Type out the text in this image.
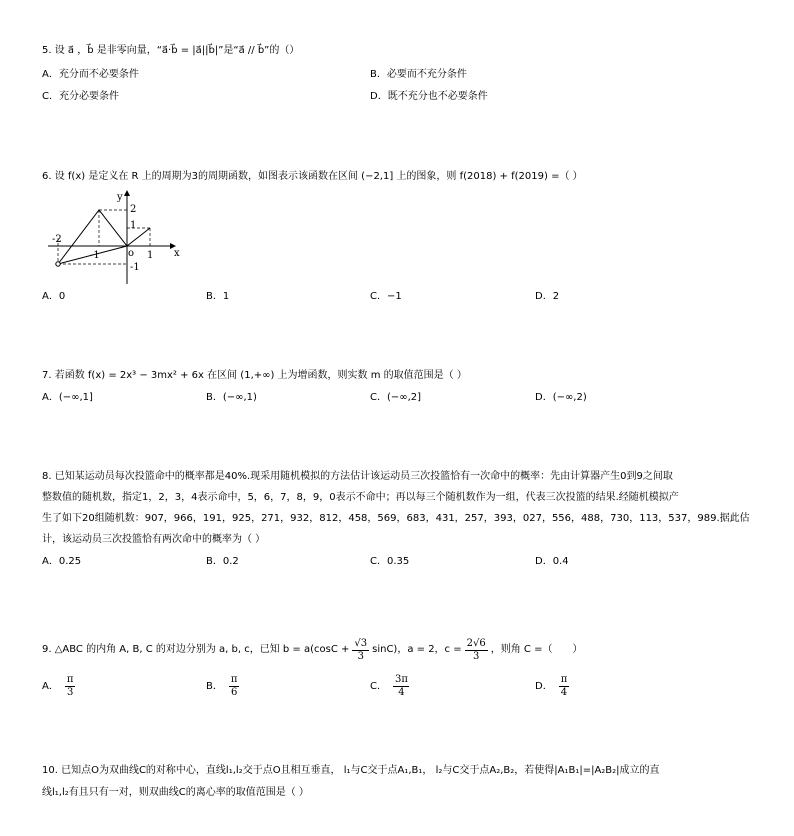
5. 设 a⃗ ，b⃗ 是非零向量，“a⃗·b⃗ = |a⃗||b⃗|”是“a⃗ // b⃗”的（）
A．充分而不必要条件	B．必要而不充分条件
C．充分必要条件	D．既不充分也不必要条件
6. 设 f(x) 是定义在 R 上的周期为3的周期函数，如图表示该函数在区间 (−2,1] 上的图象，则 f(2018) + f(2019) =（ ）
y
x
o
2
1
-2
-1	1
-1
A．0	B．1	C．−1	D．2
7. 若函数 f(x) = 2x³ − 3mx² + 6x 在区间 (1,+∞) 上为增函数，则实数 m 的取值范围是（ ）
A．(−∞,1]	B．(−∞,1)	C．(−∞,2]	D．(−∞,2)
8. 已知某运动员每次投篮命中的概率都是40%.现采用随机模拟的方法估计该运动员三次投篮恰有一次命中的概率：先由计算器产生0到9之间取
整数值的随机数，指定1，2，3，4表示命中，5，6，7，8，9，0表示不命中；再以每三个随机数作为一组，代表三次投篮的结果.经随机模拟产
生了如下20组随机数：907，966，191，925，271，932，812，458，569，683，431，257，393，027，556，488，730，113，537，989.据此估
计，该运动员三次投篮恰有两次命中的概率为（ ）
A．0.25	B．0.2	C．0.35	D．0.4
9. △ABC 的内角 A, B, C 的对边分别为 a, b, c，已知 $b = a(\cos C + \frac{√3}{3} \sin C)$，a = 2，$c = \frac{2√6}{3}$ ，则角 C =（　　）
A． $\frac{\pi}{3}$	B． $\frac{\pi}{6}$	C． $\frac{3\pi}{4}$	D． $\frac{\pi}{4}$
10. 已知点O为双曲线C的对称中心，直线l₁,l₂交于点O且相互垂直， l₁与C交于点A₁,B₁， l₂与C交于点A₂,B₂，若使得|A₁B₁|=|A₂B₂|成立的直
线l₁,l₂有且只有一对，则双曲线C的离心率的取值范围是（ ）
